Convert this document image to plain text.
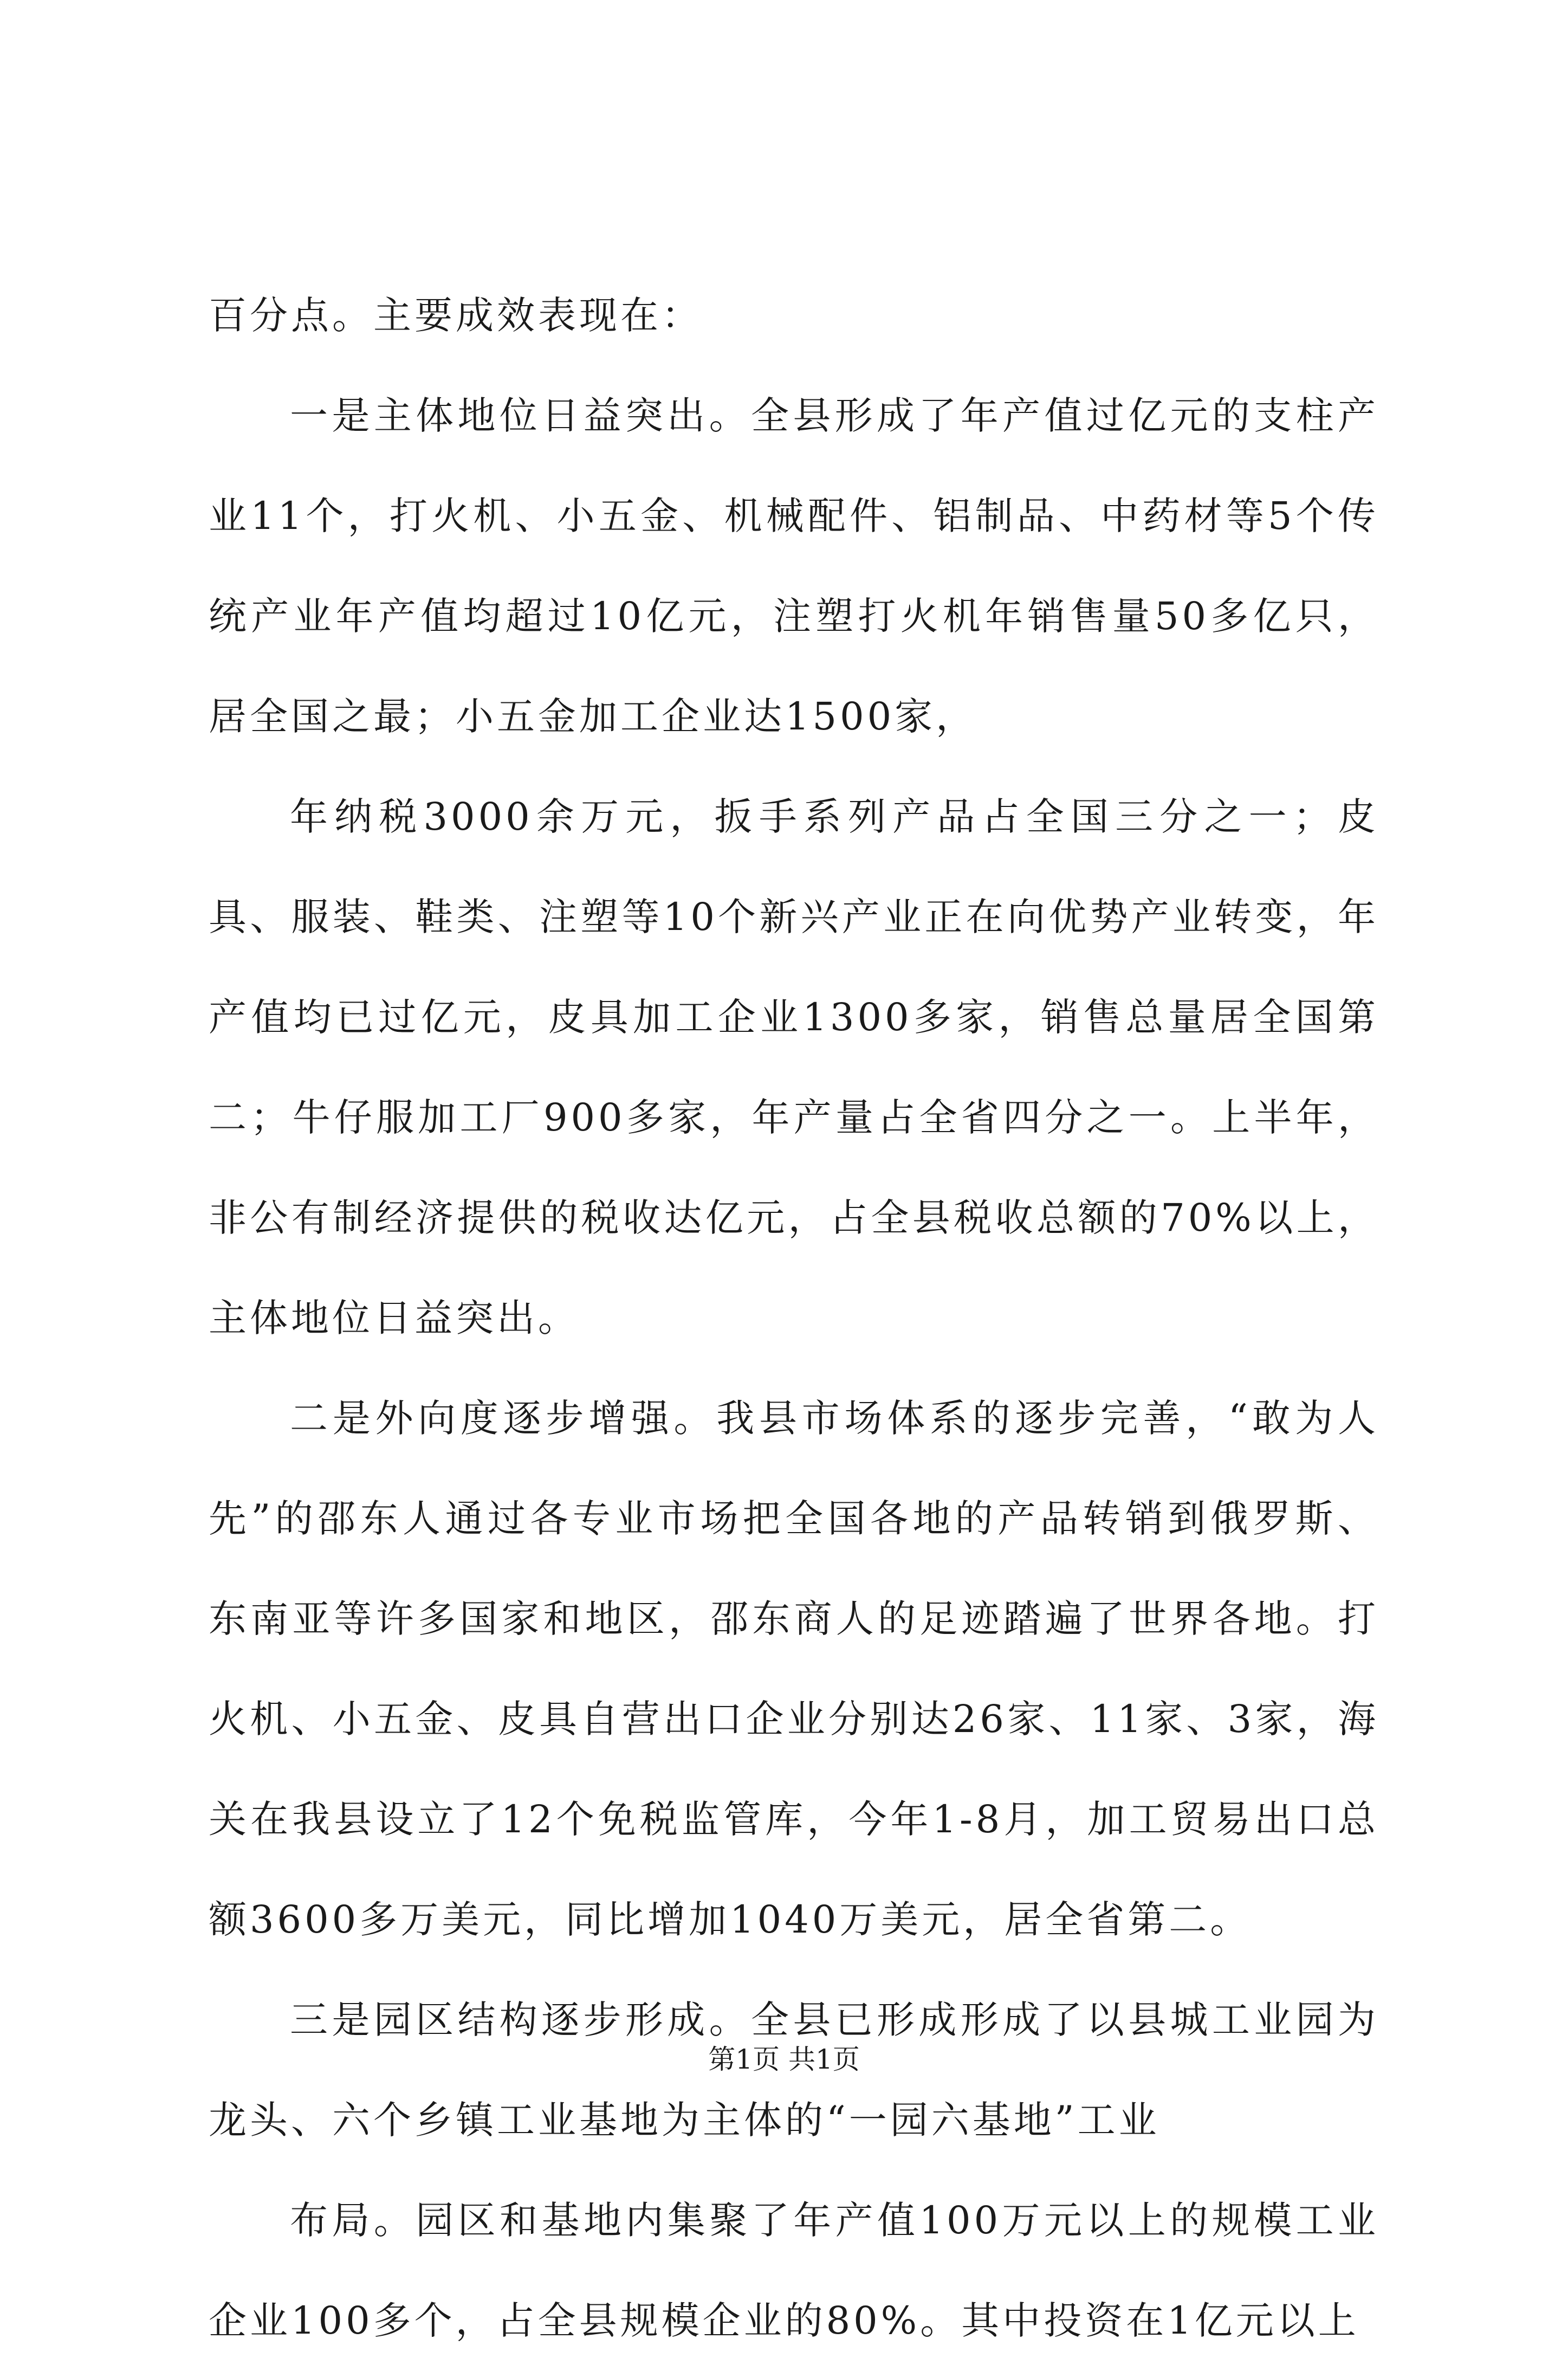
百分点。主要成效表现在：

一是主体地位日益突出。全县形成了年产值过亿元的支柱产业11个，打火机、小五金、机械配件、铝制品、中药材等5个传统产业年产值均超过10亿元，注塑打火机年销售量50多亿只，居全国之最；小五金加工企业达1500家，

年纳税3000余万元，扳手系列产品占全国三分之一；皮具、服装、鞋类、注塑等10个新兴产业正在向优势产业转变，年产值均已过亿元，皮具加工企业1300多家，销售总量居全国第二；牛仔服加工厂900多家，年产量占全省四分之一。上半年，非公有制经济提供的税收达亿元，占全县税收总额的70%以上，主体地位日益突出。

二是外向度逐步增强。我县市场体系的逐步完善，“敢为人先”的邵东人通过各专业市场把全国各地的产品转销到俄罗斯、东南亚等许多国家和地区，邵东商人的足迹踏遍了世界各地。打火机、小五金、皮具自营出口企业分别达26家、11家、3家，海关在我县设立了12个免税监管库，今年1-8月，加工贸易出口总额3600多万美元，同比增加1040万美元，居全省第二。

三是园区结构逐步形成。全县已形成形成了以县城工业园为龙头、六个乡镇工业基地为主体的“一园六基地”工业

布局。园区和基地内集聚了年产值100万元以上的规模工业企业100多个，占全县规模企业的80%。其中投资在1亿元以上

第1页 共1页
